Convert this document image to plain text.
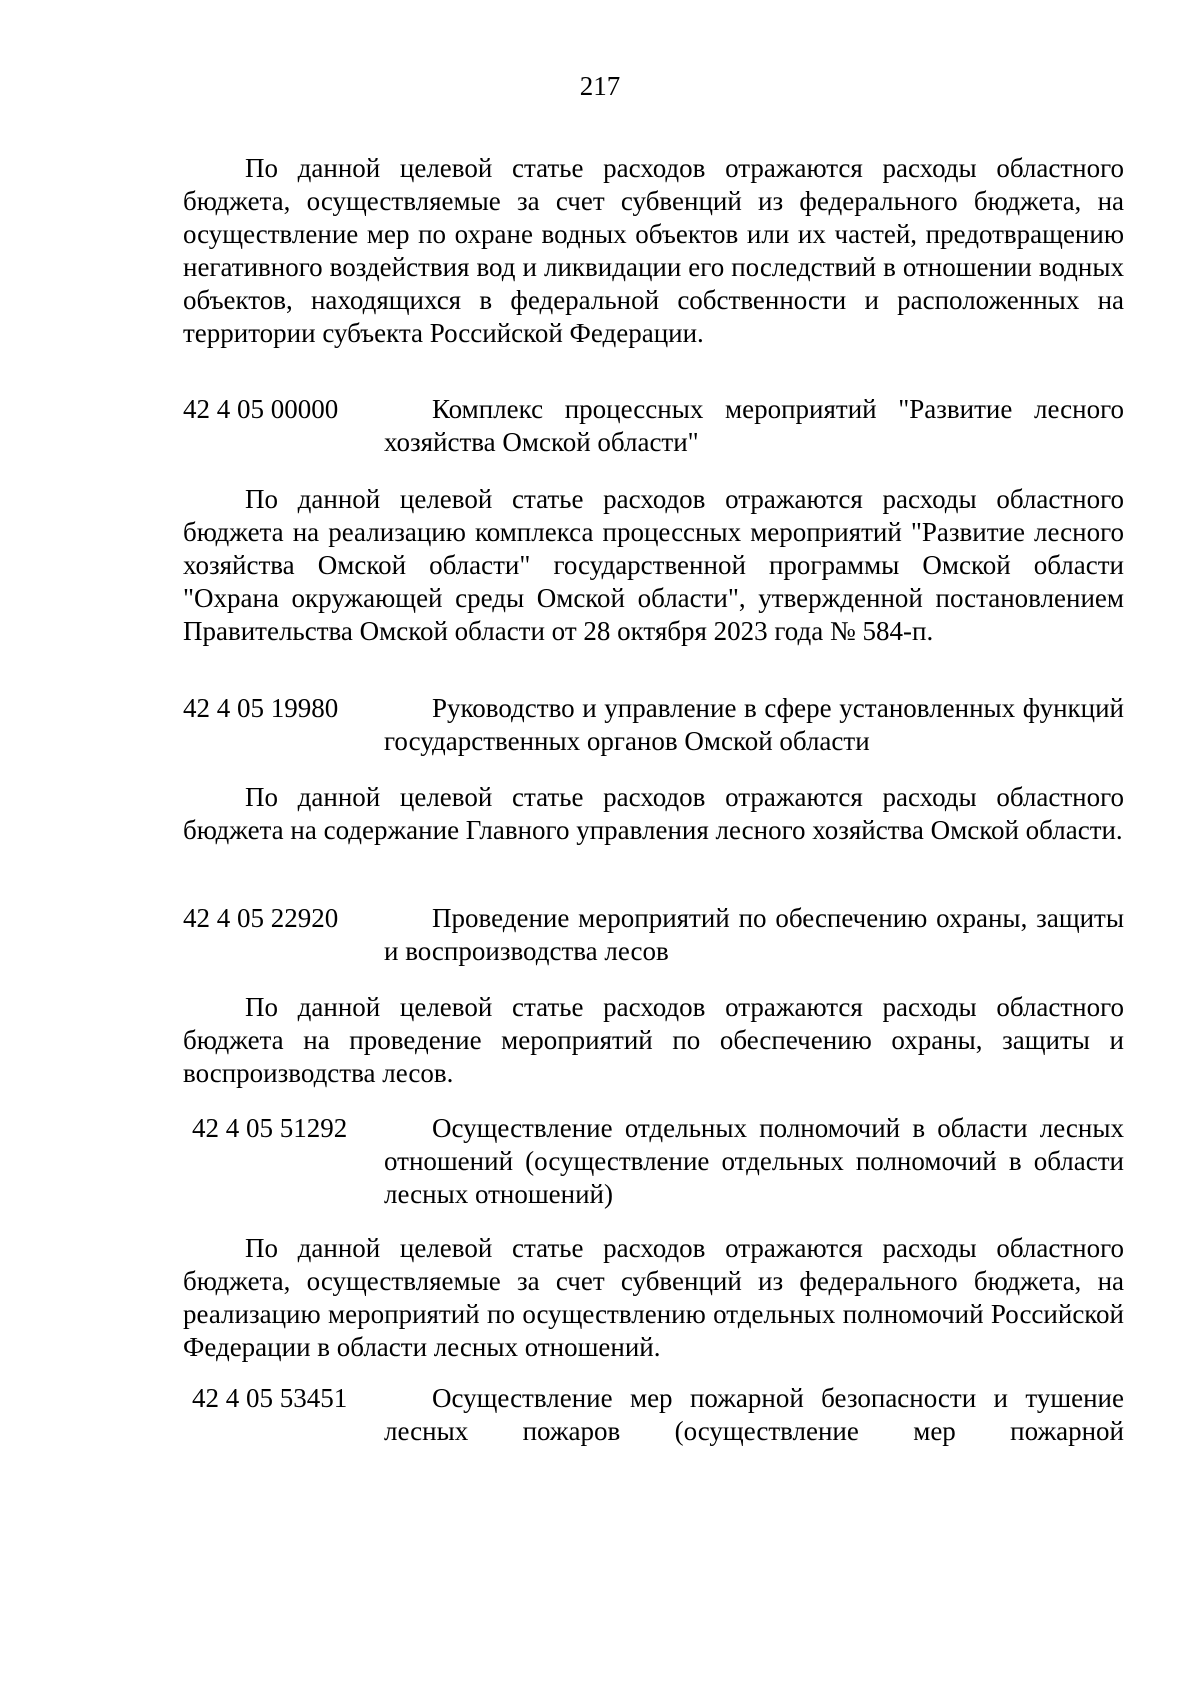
217

По данной целевой статье расходов отражаются расходы областного бюджета, осуществляемые за счет субвенций из федерального бюджета, на осуществление мер по охране водных объектов или их частей, предотвращению негативного воздействия вод и ликвидации его последствий в отношении водных объектов, находящихся в федеральной собственности и расположенных на территории субъекта Российской Федерации.

42 4 05 00000	Комплекс процессных мероприятий "Развитие лесного хозяйства Омской области"

По данной целевой статье расходов отражаются расходы областного бюджета на реализацию комплекса процессных мероприятий "Развитие лесного хозяйства Омской области" государственной программы Омской области "Охрана окружающей среды Омской области", утвержденной постановлением Правительства Омской области от 28 октября 2023 года № 584-п.

42 4 05 19980	Руководство и управление в сфере установленных функций государственных органов Омской области

По данной целевой статье расходов отражаются расходы областного бюджета на содержание Главного управления лесного хозяйства Омской области.

42 4 05 22920	Проведение мероприятий по обеспечению охраны, защиты и воспроизводства лесов

По данной целевой статье расходов отражаются расходы областного бюджета на проведение мероприятий по обеспечению охраны, защиты и воспроизводства лесов.

42 4 05 51292	Осуществление отдельных полномочий в области лесных отношений (осуществление отдельных полномочий в области лесных отношений)

По данной целевой статье расходов отражаются расходы областного бюджета, осуществляемые за счет субвенций из федерального бюджета, на реализацию мероприятий по осуществлению отдельных полномочий Российской Федерации в области лесных отношений.

42 4 05 53451	Осуществление мер пожарной безопасности и тушение лесных пожаров (осуществление мер пожарной
